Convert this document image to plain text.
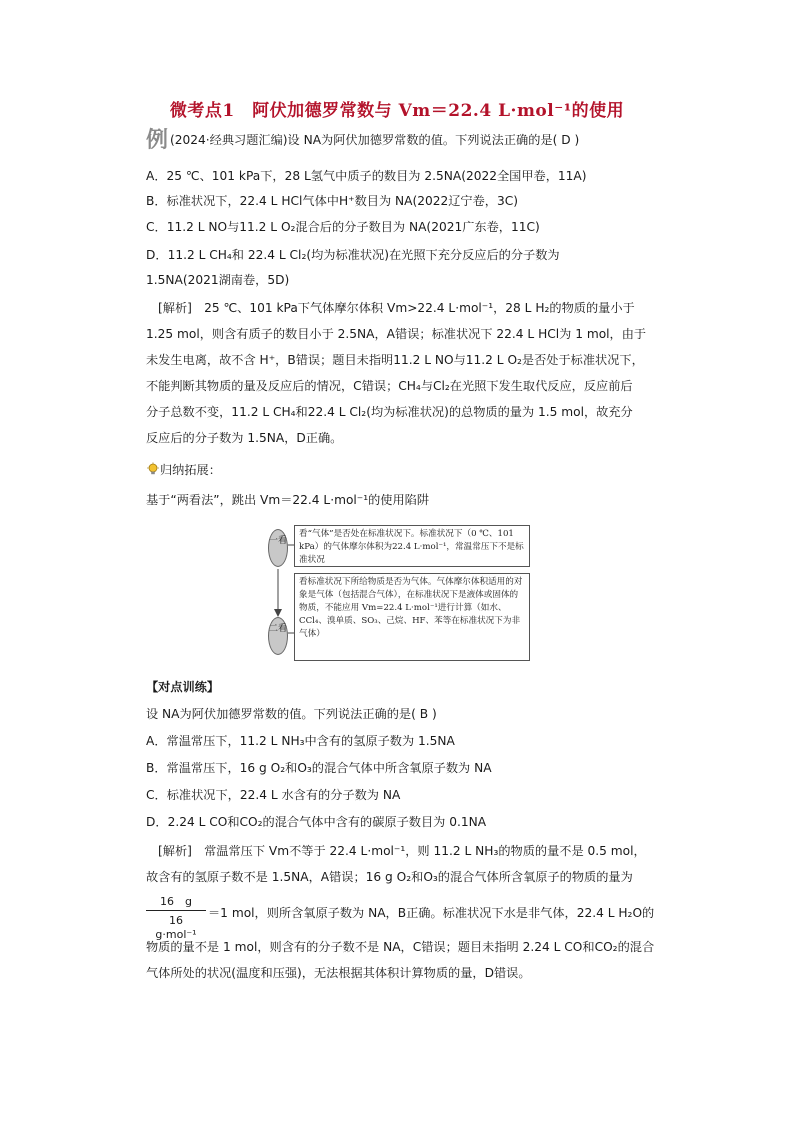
微考点1　阿伏加德罗常数与 Vm＝22.4 L·mol⁻¹的使用
例 (2024·经典习题汇编)设 NA为阿伏加德罗常数的值。下列说法正确的是( D )
A．25 ℃、101 kPa下，28 L氢气中质子的数目为 2.5NA(2022全国甲卷，11A)
B．标准状况下，22.4 L HCl气体中H⁺数目为 NA(2022辽宁卷，3C)
C．11.2 L NO与11.2 L O₂混合后的分子数目为 NA(2021广东卷，11C)
D．11.2 L CH₄和 22.4 L Cl₂(均为标准状况)在光照下充分反应后的分子数为
1.5NA(2021湖南卷，5D)
[解析]　25 ℃、101 kPa下气体摩尔体积 Vm>22.4 L·mol⁻¹，28 L H₂的物质的量小于
1.25 mol，则含有质子的数目小于 2.5NA，A错误；标准状况下 22.4 L HCl为 1 mol，由于
未发生电离，故不含 H⁺，B错误；题目未指明11.2 L NO与11.2 L O₂是否处于标准状况下，
不能判断其物质的量及反应后的情况，C错误；CH₄与Cl₂在光照下发生取代反应，反应前后
分子总数不变，11.2 L CH₄和22.4 L Cl₂(均为标准状况)的总物质的量为 1.5 mol，故充分
反应后的分子数为 1.5NA，D正确。
归纳拓展：
基于“两看法”，跳出 Vm＝22.4 L·mol⁻¹的使用陷阱
一看
看“气体”是否处在标准状况下。标准状况下（0 ℃、101 kPa）的气体摩尔体积为22.4 L·mol⁻¹，常温常压下不是标准状况
二看
看标准状况下所给物质是否为气体。气体摩尔体积适用的对象是气体（包括混合气体），在标准状况下是液体或固体的物质，不能应用 Vm=22.4 L·mol⁻¹进行计算（如水、CCl₄、溴单质、SO₃、己烷、HF、苯等在标准状况下为非气体）
【对点训练】
设 NA为阿伏加德罗常数的值。下列说法正确的是( B )
A．常温常压下，11.2 L NH₃中含有的氢原子数为 1.5NA
B．常温常压下，16 g O₂和O₃的混合气体中所含氧原子数为 NA
C．标准状况下，22.4 L 水含有的分子数为 NA
D．2.24 L CO和CO₂的混合气体中含有的碳原子数目为 0.1NA
[解析]　常温常压下 Vm不等于 22.4 L·mol⁻¹，则 11.2 L NH₃的物质的量不是 0.5 mol，
故含有的氢原子数不是 1.5NA，A错误；16 g O₂和O₃的混合气体所含氧原子的物质的量为
16　g
16　g·mol⁻¹
＝1 mol，则所含氧原子数为 NA，B正确。标准状况下水是非气体，22.4 L H₂O的
物质的量不是 1 mol，则含有的分子数不是 NA，C错误；题目未指明 2.24 L CO和CO₂的混合
气体所处的状况(温度和压强)，无法根据其体积计算物质的量，D错误。
